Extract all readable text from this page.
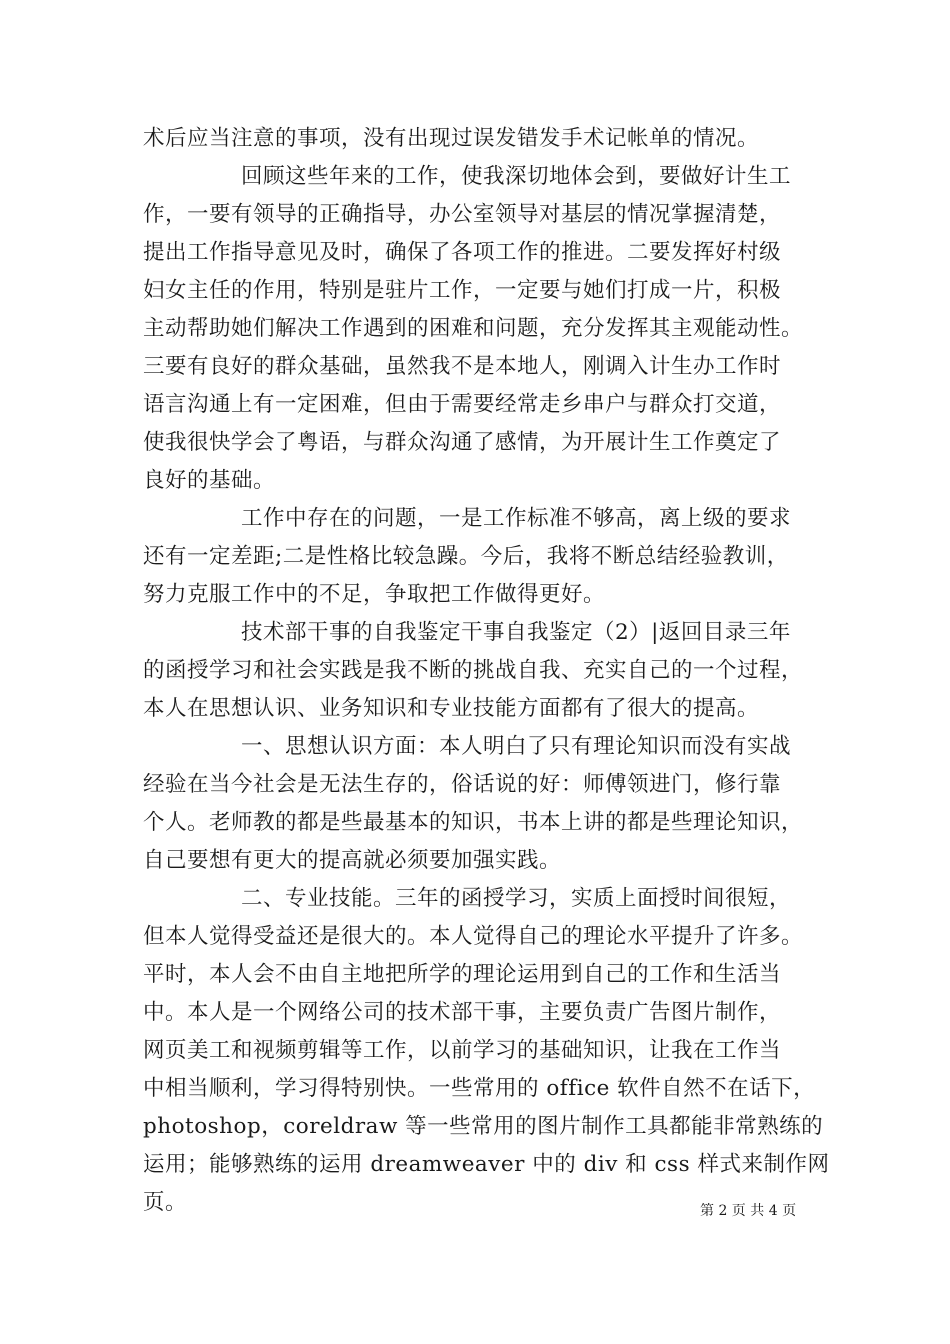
术后应当注意的事项，没有出现过误发错发手术记帐单的情况。
回顾这些年来的工作，使我深切地体会到，要做好计生工
作，一要有领导的正确指导，办公室领导对基层的情况掌握清楚，
提出工作指导意见及时，确保了各项工作的推进。二要发挥好村级
妇女主任的作用，特别是驻片工作，一定要与她们打成一片，积极
主动帮助她们解决工作遇到的困难和问题，充分发挥其主观能动性。
三要有良好的群众基础，虽然我不是本地人，刚调入计生办工作时
语言沟通上有一定困难，但由于需要经常走乡串户与群众打交道，
使我很快学会了粤语，与群众沟通了感情，为开展计生工作奠定了
良好的基础。
工作中存在的问题，一是工作标准不够高，离上级的要求
还有一定差距;二是性格比较急躁。今后，我将不断总结经验教训，
努力克服工作中的不足，争取把工作做得更好。
技术部干事的自我鉴定干事自我鉴定（2）|返回目录三年
的函授学习和社会实践是我不断的挑战自我、充实自己的一个过程，
本人在思想认识、业务知识和专业技能方面都有了很大的提高。
一、思想认识方面：本人明白了只有理论知识而没有实战
经验在当今社会是无法生存的，俗话说的好：师傅领进门，修行靠
个人。老师教的都是些最基本的知识，书本上讲的都是些理论知识，
自己要想有更大的提高就必须要加强实践。
二、专业技能。三年的函授学习，实质上面授时间很短，
但本人觉得受益还是很大的。本人觉得自己的理论水平提升了许多。
平时，本人会不由自主地把所学的理论运用到自己的工作和生活当
中。本人是一个网络公司的技术部干事，主要负责广告图片制作，
网页美工和视频剪辑等工作，以前学习的基础知识，让我在工作当
中相当顺利，学习得特别快。一些常用的 office 软件自然不在话下，
photoshop，coreldraw 等一些常用的图片制作工具都能非常熟练的
运用；能够熟练的运用 dreamweaver 中的 div 和 css 样式来制作网
页。	第 2 页 共 4 页
